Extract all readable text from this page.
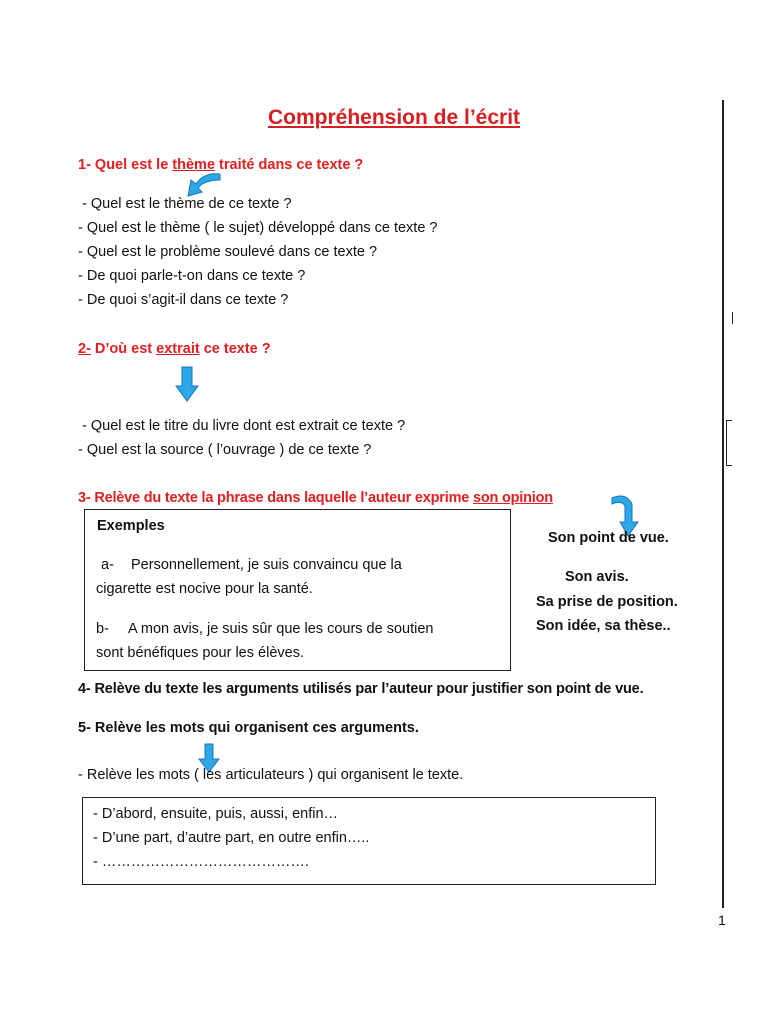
Compréhension de l’écrit
1- Quel est le thème traité dans ce texte ?
- Quel est le thème de ce texte ?
- Quel est le thème ( le sujet) développé dans ce texte ?
- Quel est le problème soulevé dans ce texte ?
- De quoi parle-t-on dans ce texte ?
- De quoi s’agit-il dans ce texte ?
2- D’où est extrait ce texte ?
- Quel est le titre du livre dont est extrait ce texte ?
- Quel est la source ( l’ouvrage ) de ce texte ?
3- Relève du texte la phrase dans laquelle l’auteur exprime son opinion
Exemples
a- Personnellement, je suis convaincu que la
cigarette est nocive pour la santé.
b- A mon avis, je suis sûr que les cours de soutien
sont bénéfiques pour les élèves.
Son point de vue.
Son avis.
Sa prise de position.
Son idée, sa thèse..
4- Relève du texte les arguments utilisés par l’auteur pour justifier son point de vue.
5- Relève les mots qui organisent ces arguments.
- Relève les mots ( les articulateurs ) qui organisent le texte.
- D’abord, ensuite, puis, aussi, enfin…
- D’une part, d’autre part, en outre enfin…..
- …………………………………….
1
